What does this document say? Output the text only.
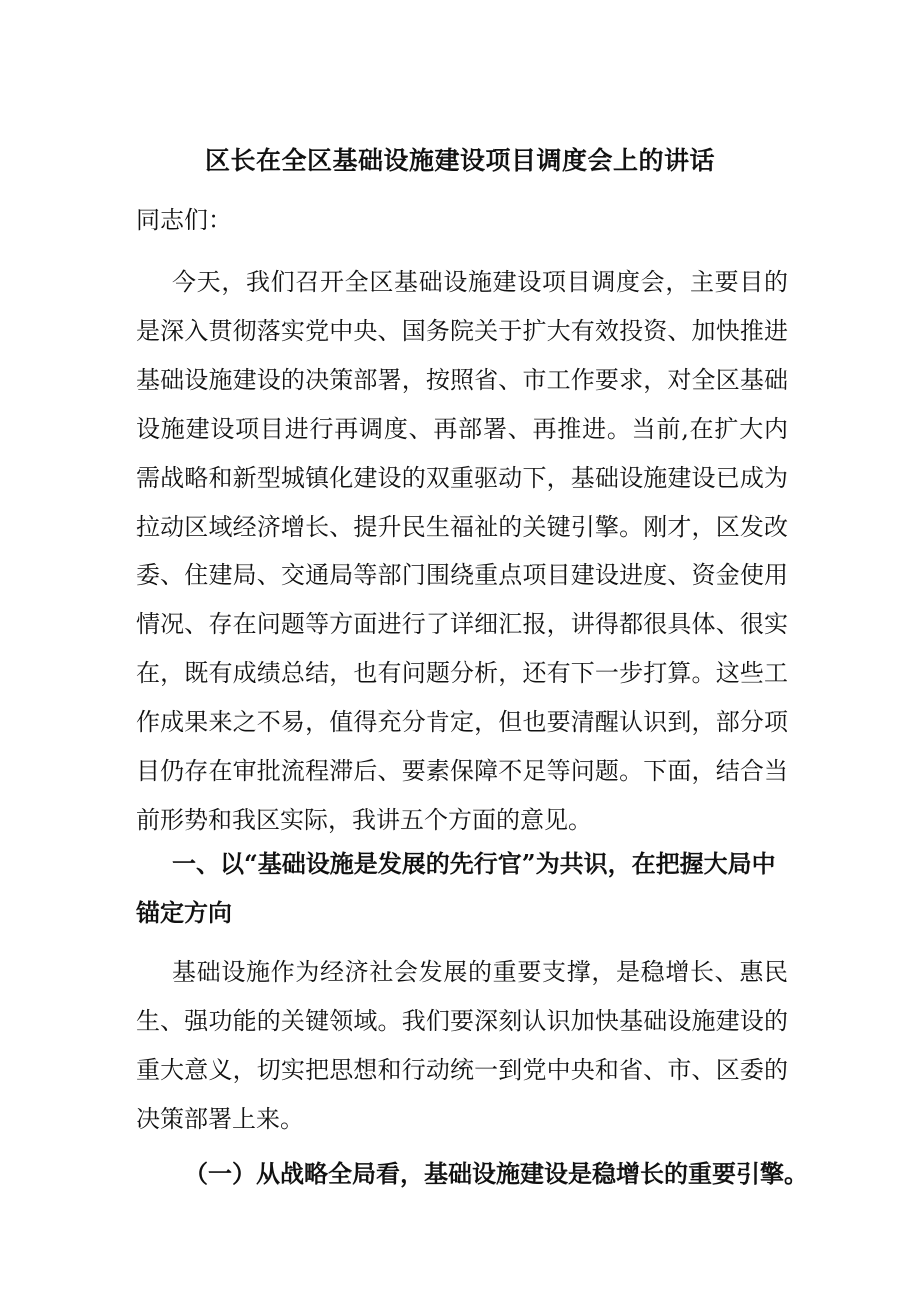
区长在全区基础设施建设项目调度会上的讲话

同志们：

今天，我们召开全区基础设施建设项目调度会，主要目的是深入贯彻落实党中央、国务院关于扩大有效投资、加快推进基础设施建设的决策部署，按照省、市工作要求，对全区基础设施建设项目进行再调度、再部署、再推进。当前,在扩大内需战略和新型城镇化建设的双重驱动下，基础设施建设已成为拉动区域经济增长、提升民生福祉的关键引擎。刚才，区发改委、住建局、交通局等部门围绕重点项目建设进度、资金使用情况、存在问题等方面进行了详细汇报，讲得都很具体、很实在，既有成绩总结，也有问题分析，还有下一步打算。这些工作成果来之不易，值得充分肯定，但也要清醒认识到，部分项目仍存在审批流程滞后、要素保障不足等问题。下面，结合当前形势和我区实际，我讲五个方面的意见。

一、以“基础设施是发展的先行官”为共识，在把握大局中锚定方向

基础设施作为经济社会发展的重要支撑，是稳增长、惠民生、强功能的关键领域。我们要深刻认识加快基础设施建设的重大意义，切实把思想和行动统一到党中央和省、市、区委的决策部署上来。

（一）从战略全局看，基础设施建设是稳增长的重要引擎。
